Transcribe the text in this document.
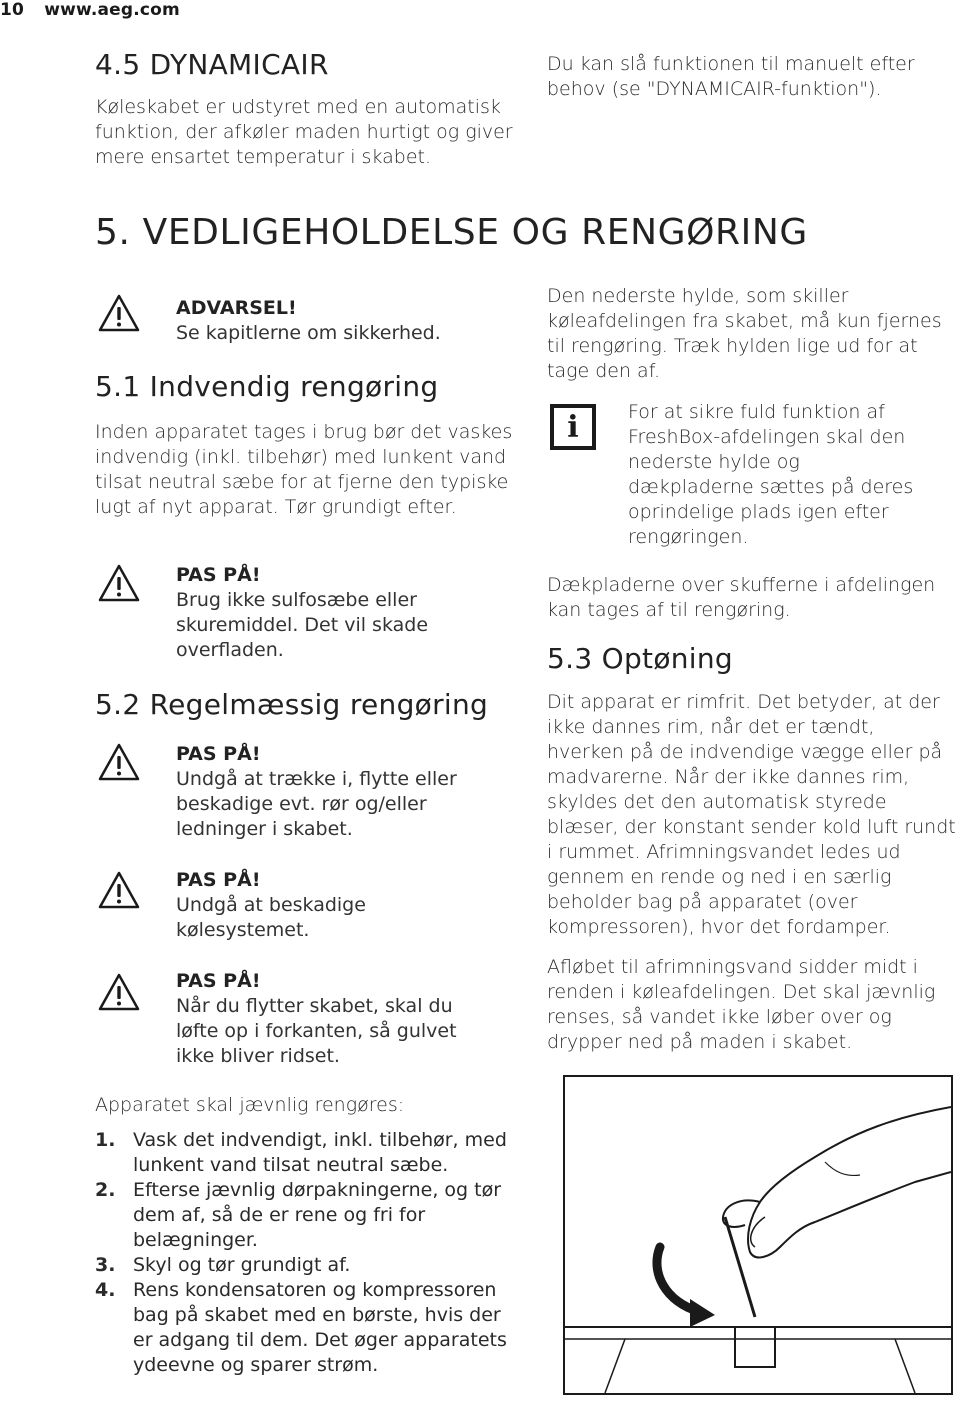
10 www.aeg.com
4.5 DYNAMICAIR

Køleskabet er udstyret med en automatisk funktion, der afkøler maden hurtigt og giver mere ensartet temperatur i skabet.

Du kan slå funktionen til manuelt efter behov (se "DYNAMICAIR-funktion").

5. VEDLIGEHOLDELSE OG RENGØRING
ADVARSEL!
Se kapitlerne om sikkerhed.
5.1 Indvendig rengøring

Inden apparatet tages i brug bør det vaskes indvendig (inkl. tilbehør) med lunkent vand tilsat neutral sæbe for at fjerne den typiske lugt af nyt apparat. Tør grundigt efter.

PAS PÅ!

Brug ikke sulfosæbe eller skuremiddel. Det vil skade overfladen.

5.2 Regelmæssig rengøring
PAS PÅ!

Undgå at trække i, flytte eller beskadige evt. rør og/eller ledninger i skabet.

PAS PÅ!

Undgå at beskadige kølesystemet.

PAS PÅ!

Når du flytter skabet, skal du løfte op i forkanten, så gulvet ikke bliver ridset.

Apparatet skal jævnlig rengøres:

1. Vask det indvendigt, inkl. tilbehør, med lunkent vand tilsat neutral sæbe.
2. Efterse jævnlig dørpakningerne, og tør dem af, så de er rene og fri for belægninger.
3. Skyl og tør grundigt af.
4. Rens kondensatoren og kompressoren bag på skabet med en børste, hvis der er adgang til dem. Det øger apparatets ydeevne og sparer strøm.

Den nederste hylde, som skiller køleafdelingen fra skabet, må kun fjernes til rengøring. Træk hylden lige ud for at tage den af.

i	For at sikre fuld funktion af FreshBox-afdelingen skal den nederste hylde og dækpladerne sættes på deres oprindelige plads igen efter rengøringen.

Dækpladerne over skufferne i afdelingen kan tages af til rengøring.

5.3 Optøning

Dit apparat er rimfrit. Det betyder, at der ikke dannes rim, når det er tændt, hverken på de indvendige vægge eller på madvarerne. Når der ikke dannes rim, skyldes det den automatisk styrede blæser, der konstant sender kold luft rundt i rummet. Afrimningsvandet ledes ud gennem en rende og ned i en særlig beholder bag på apparatet (over kompressoren), hvor det fordamper.

Afløbet til afrimningsvand sidder midt i renden i køleafdelingen. Det skal jævnlig renses, så vandet ikke løber over og drypper ned på maden i skabet.
